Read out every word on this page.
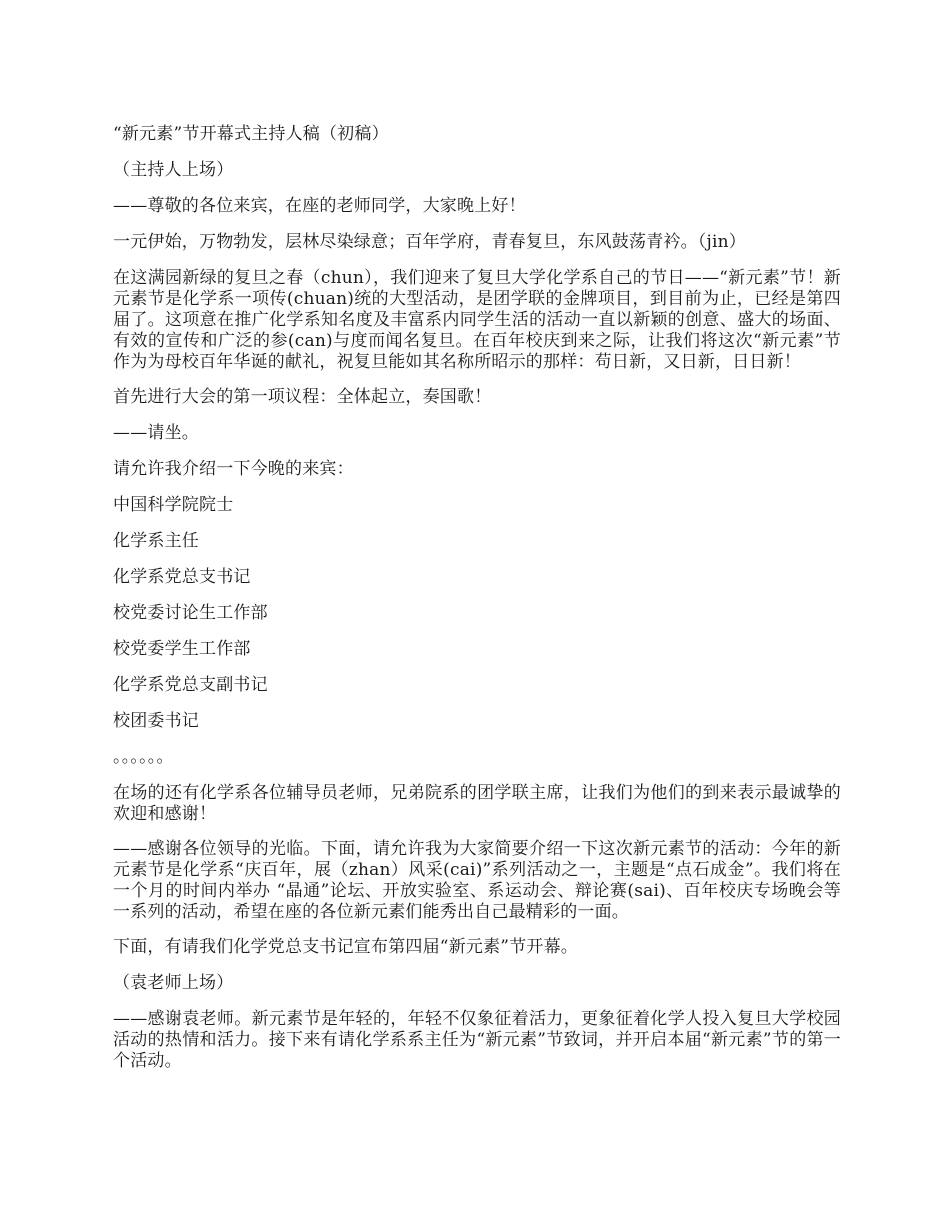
“新元素”节开幕式主持人稿（初稿）

（主持人上场）

——尊敬的各位来宾，在座的老师同学，大家晚上好！

一元伊始，万物勃发，层林尽染绿意；百年学府，青春复旦，东风鼓荡青衿。（jin）

在这满园新绿的复旦之春（chun），我们迎来了复旦大学化学系自己的节日——“新元素”节！新元素节是化学系一项传(chuan)统的大型活动，是团学联的金牌项目，到目前为止，已经是第四届了。这项意在推广化学系知名度及丰富系内同学生活的活动一直以新颖的创意、盛大的场面、有效的宣传和广泛的参(can)与度而闻名复旦。在百年校庆到来之际，让我们将这次“新元素”节作为为母校百年华诞的献礼，祝复旦能如其名称所昭示的那样：苟日新，又日新，日日新！

首先进行大会的第一项议程：全体起立，奏国歌！

——请坐。

请允许我介绍一下今晚的来宾：

中国科学院院士

化学系主任

化学系党总支书记

校党委讨论生工作部

校党委学生工作部

化学系党总支副书记

校团委书记

。。。。。。

在场的还有化学系各位辅导员老师，兄弟院系的团学联主席，让我们为他们的到来表示最诚挚的欢迎和感谢！

——感谢各位领导的光临。下面，请允许我为大家简要介绍一下这次新元素节的活动：今年的新元素节是化学系“庆百年，展（zhan）风采(cai)”系列活动之一，主题是“点石成金”。我们将在一个月的时间内举办 “晶通”论坛、开放实验室、系运动会、辩论赛(sai)、百年校庆专场晚会等一系列的活动，希望在座的各位新元素们能秀出自己最精彩的一面。

下面，有请我们化学党总支书记宣布第四届“新元素”节开幕。

（袁老师上场）

——感谢袁老师。新元素节是年轻的，年轻不仅象征着活力，更象征着化学人投入复旦大学校园活动的热情和活力。接下来有请化学系系主任为“新元素”节致词，并开启本届“新元素”节的第一个活动。
